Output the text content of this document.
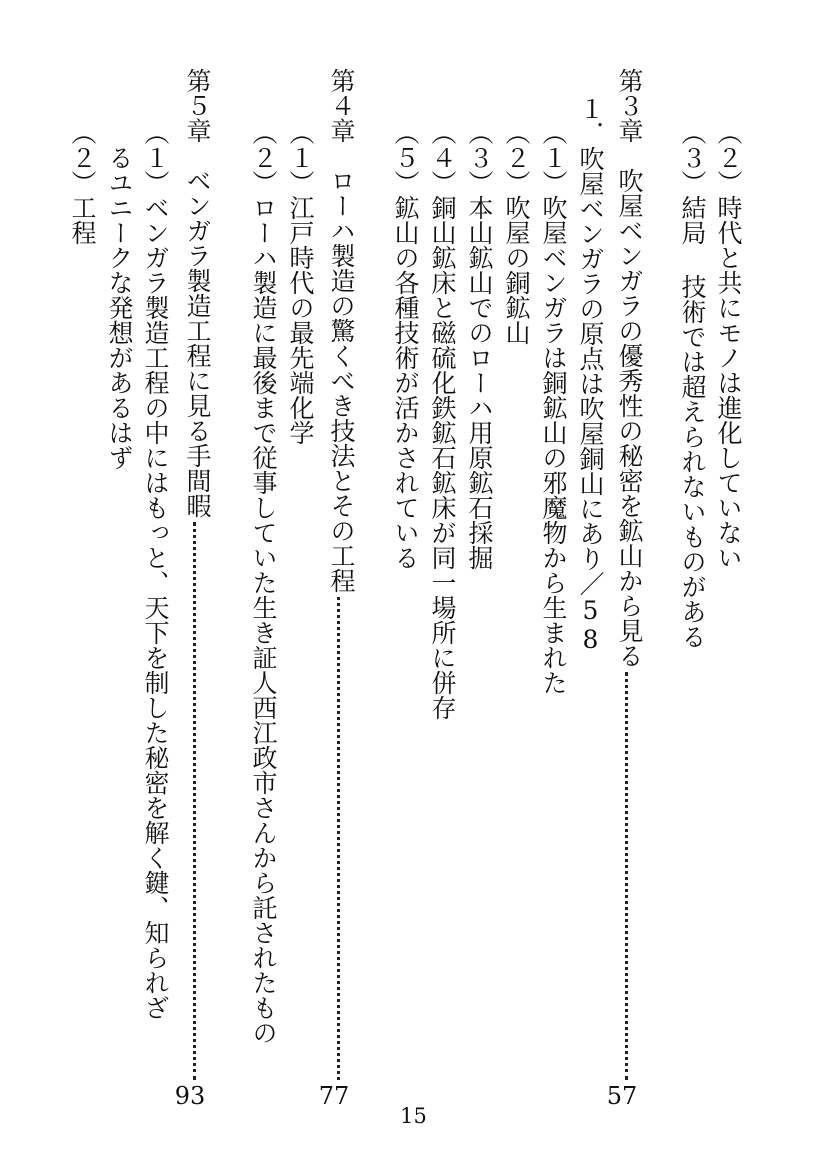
（２）時代と共にモノは進化していない
（３）結局 技術では超えられないものがある
第３章　吹屋ベンガラの優秀性の秘密を鉱山から見る
57
１．吹屋ベンガラの原点は吹屋銅山にあり／58
（１）吹屋ベンガラは銅鉱山の邪魔物から生まれた
（２）吹屋の銅鉱山
（３）本山鉱山でのローハ用原鉱石採掘
（４）銅山鉱床と磁硫化鉄鉱石鉱床が同一場所に併存
（５）鉱山の各種技術が活かされている
第４章　ローハ製造の驚くべき技法とその工程
77
（１）江戸時代の最先端化学
（２）ローハ製造に最後まで従事していた生き証人西江政市さんから託されたもの
第５章　ベンガラ製造工程に見る手間暇
93
（１）ベンガラ製造工程の中にはもっと、天下を制した秘密を解く鍵、知られざ
るユニークな発想があるはず
（２）工程
15
